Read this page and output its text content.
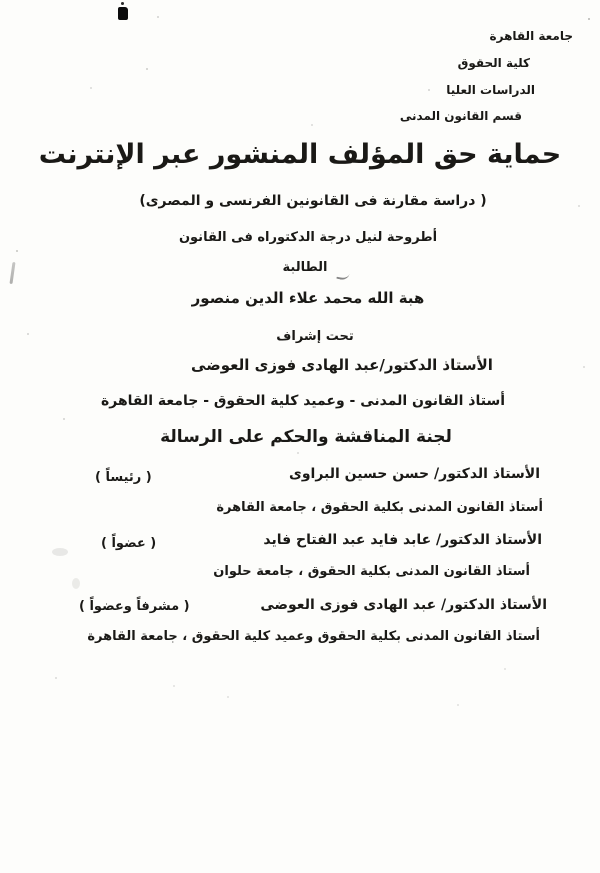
جامعة القاهرة
كلية الحقوق
الدراسات العليا
قسم القانون المدنى
حماية حق المؤلف المنشور عبر الإنترنت
( دراسة مقارنة فى القانونين الفرنسى و المصرى)
أطروحة لنيل درجة الدكتوراه فى القانون
الطالبة
هبة الله محمد علاء الدين منصور
تحت إشراف
الأستاذ الدكتور/عبد الهادى فوزى العوضى
أستاذ القانون المدنى - وعميد كلية الحقوق - جامعة القاهرة
لجنة المناقشة والحكم على الرسالة
الأستاذ الدكتور/ حسن حسين البراوى
( رئيساً )
أستاذ القانون المدنى بكلية الحقوق ، جامعة القاهرة
الأستاذ الدكتور/ عابد فايد عبد الفتاح فايد
( عضواً )
أستاذ القانون المدنى بكلية الحقوق ، جامعة حلوان
الأستاذ الدكتور/ عبد الهادى فوزى العوضى
( مشرفاً وعضواً )
أستاذ القانون المدنى بكلية الحقوق وعميد كلية الحقوق ، جامعة القاهرة
